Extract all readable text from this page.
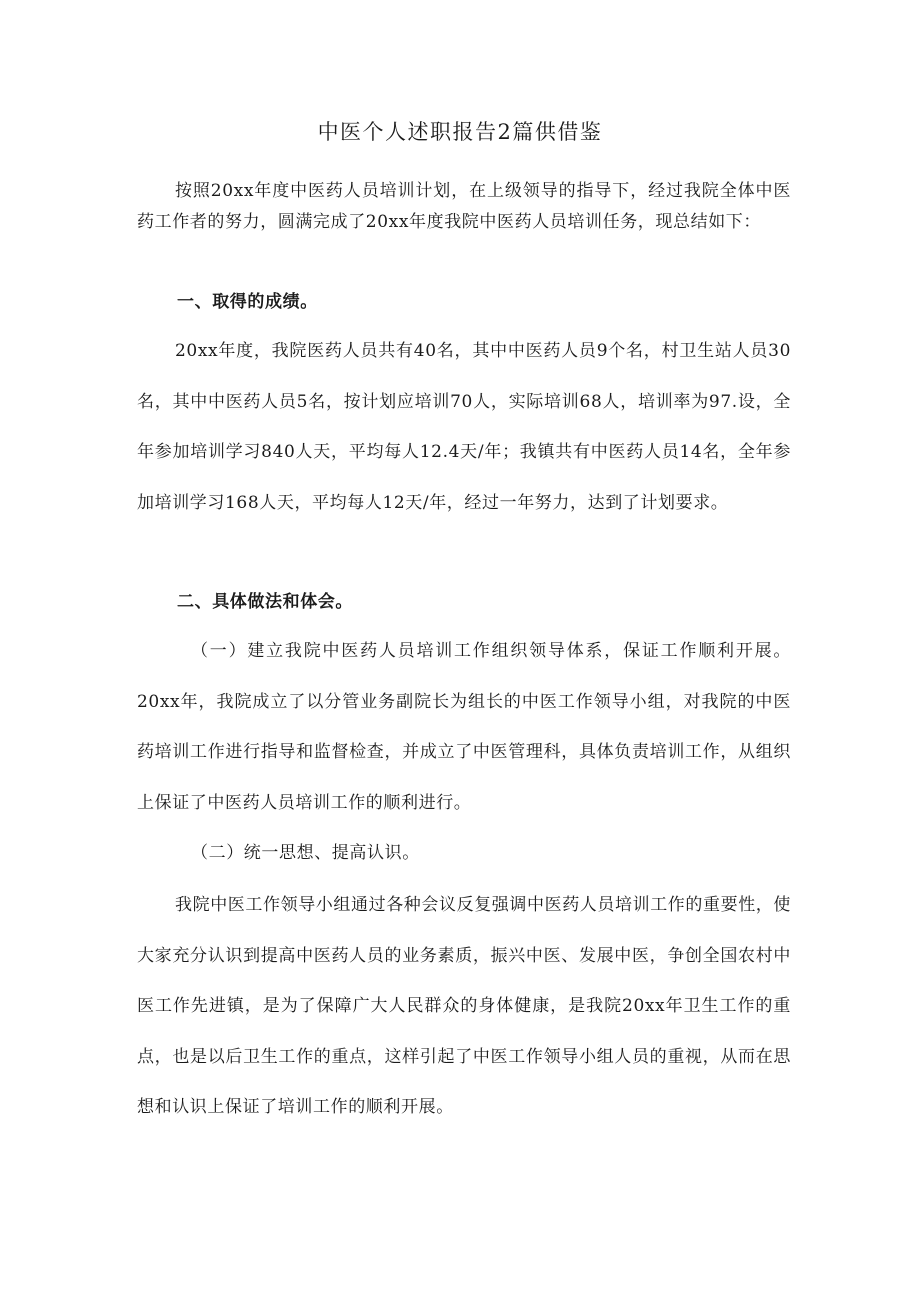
中医个人述职报告2篇供借鉴

按照20xx年度中医药人员培训计划，在上级领导的指导下，经过我院全体中医药工作者的努力，圆满完成了20xx年度我院中医药人员培训任务，现总结如下：

一、取得的成绩。

20xx年度，我院医药人员共有40名，其中中医药人员9个名，村卫生站人员30名，其中中医药人员5名，按计划应培训70人，实际培训68人，培训率为97.设，全年参加培训学习840人天，平均每人12.4天/年；我镇共有中医药人员14名，全年参加培训学习168人天，平均每人12天/年，经过一年努力，达到了计划要求。

二、具体做法和体会。

（一）建立我院中医药人员培训工作组织领导体系，保证工作顺利开展。20xx年，我院成立了以分管业务副院长为组长的中医工作领导小组，对我院的中医药培训工作进行指导和监督检查，并成立了中医管理科，具体负责培训工作，从组织上保证了中医药人员培训工作的顺利进行。

（二）统一思想、提高认识。

我院中医工作领导小组通过各种会议反复强调中医药人员培训工作的重要性，使大家充分认识到提高中医药人员的业务素质，振兴中医、发展中医，争创全国农村中医工作先进镇，是为了保障广大人民群众的身体健康，是我院20xx年卫生工作的重点，也是以后卫生工作的重点，这样引起了中医工作领导小组人员的重视，从而在思想和认识上保证了培训工作的顺利开展。
